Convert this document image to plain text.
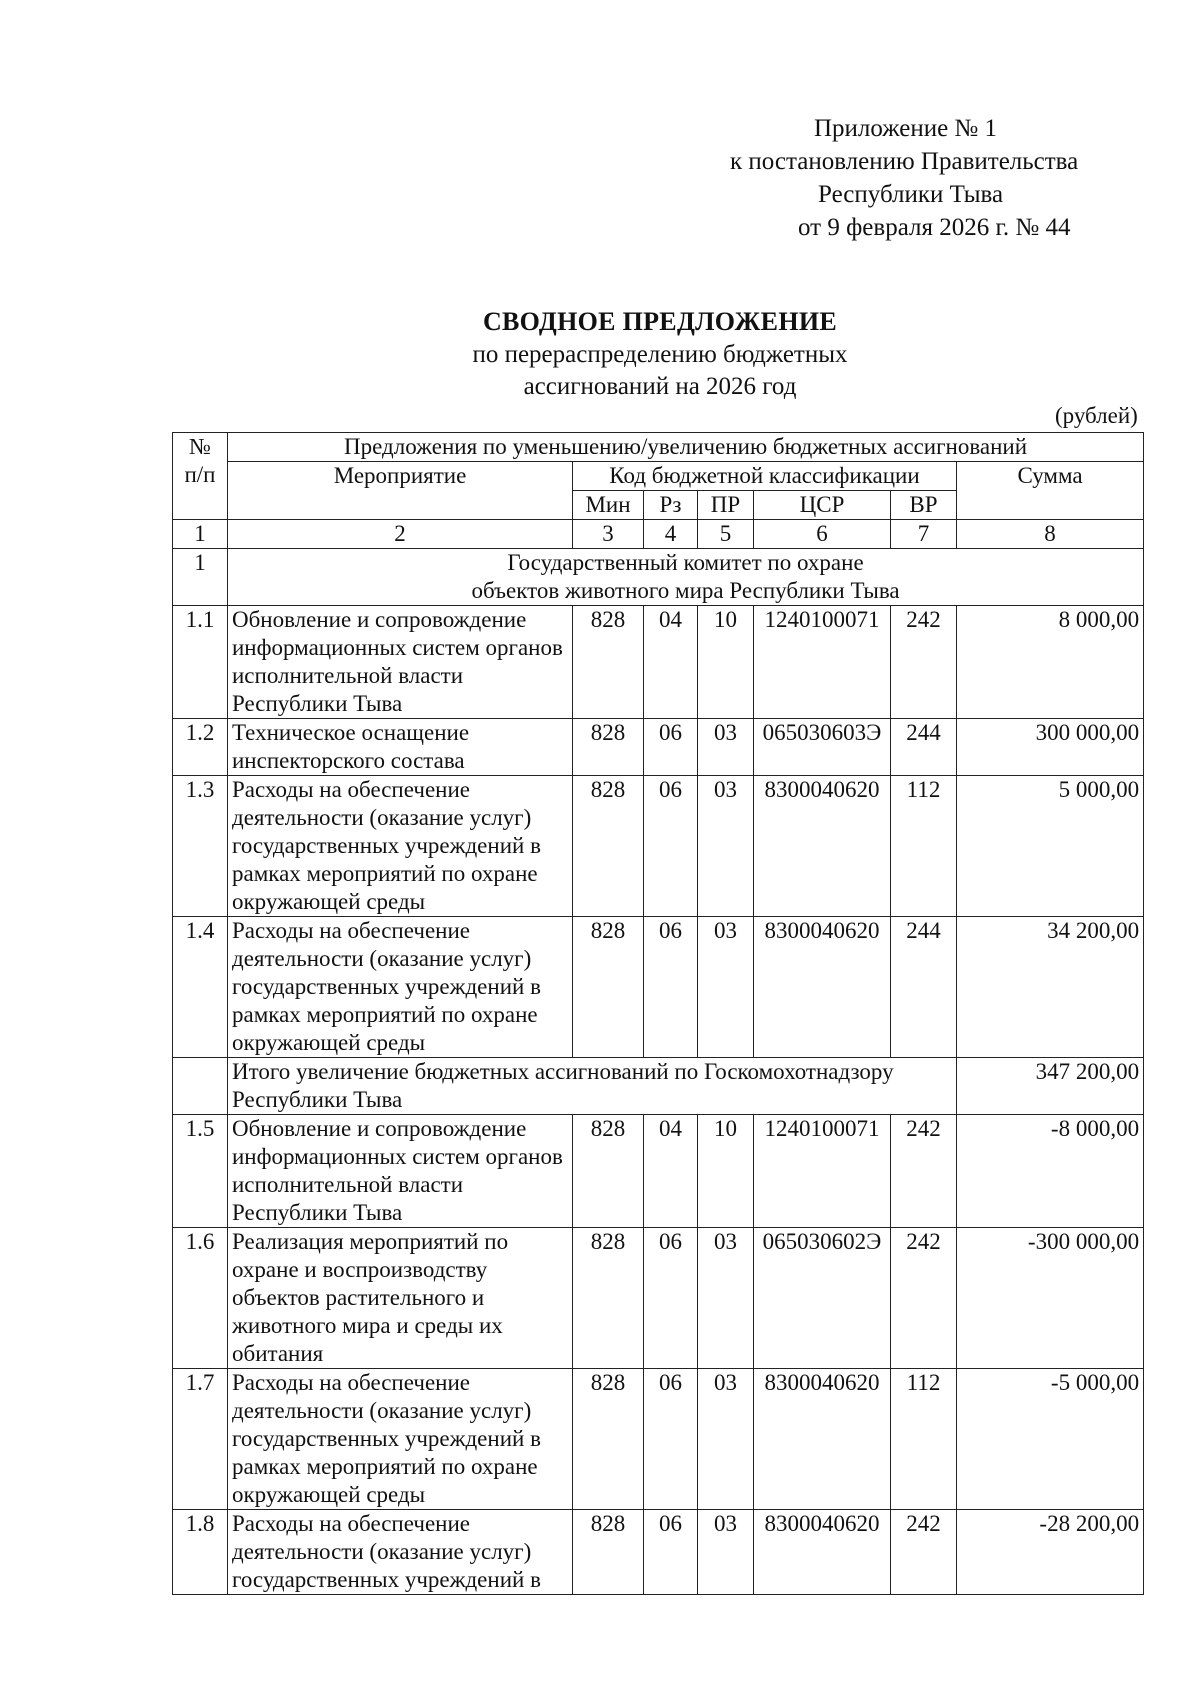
Приложение № 1
к постановлению Правительства
Республики Тыва
от 9 февраля 2026 г. № 44
СВОДНОЕ ПРЕДЛОЖЕНИЕ
по перераспределению бюджетных
ассигнований на 2026 год
(рублей)
№ п/п	Предложения по уменьшению/увеличению бюджетных ассигнований						
	Мероприятие	Код бюджетной классификации					Сумма
		Мин	Рз	ПР	ЦСР	ВР	
1	2	3	4	5	6	7	8
1	Государственный комитет по охране
объектов животного мира Республики Тыва						

1.1	Обновление и сопровождение информационных систем органов исполнительной власти Республики Тыва	828	04	10	1240100071	242	8 000,00
1.2	Техническое оснащение инспекторского состава	828	06	03	065030603Э	244	300 000,00
1.3	Расходы на обеспечение деятельности (оказание услуг) государственных учреждений в рамках мероприятий по охране окружающей среды	828	06	03	8300040620	112	5 000,00
1.4	Расходы на обеспечение деятельности (оказание услуг) государственных учреждений в рамках мероприятий по охране окружающей среды	828	06	03	8300040620	244	34 200,00
	Итого увеличение бюджетных ассигнований по Госкомохотнадзору Республики Тыва						347 200,00
1.5	Обновление и сопровождение информационных систем органов исполнительной власти Республики Тыва	828	04	10	1240100071	242	-8 000,00
1.6	Реализация мероприятий по охране и воспроизводству объектов растительного и животного мира и среды их обитания	828	06	03	065030602Э	242	-300 000,00
1.7	Расходы на обеспечение деятельности (оказание услуг) государственных учреждений в рамках мероприятий по охране окружающей среды	828	06	03	8300040620	112	-5 000,00
1.8	Расходы на обеспечение деятельности (оказание услуг) государственных учреждений в	828	06	03	8300040620	242	-28 200,00
